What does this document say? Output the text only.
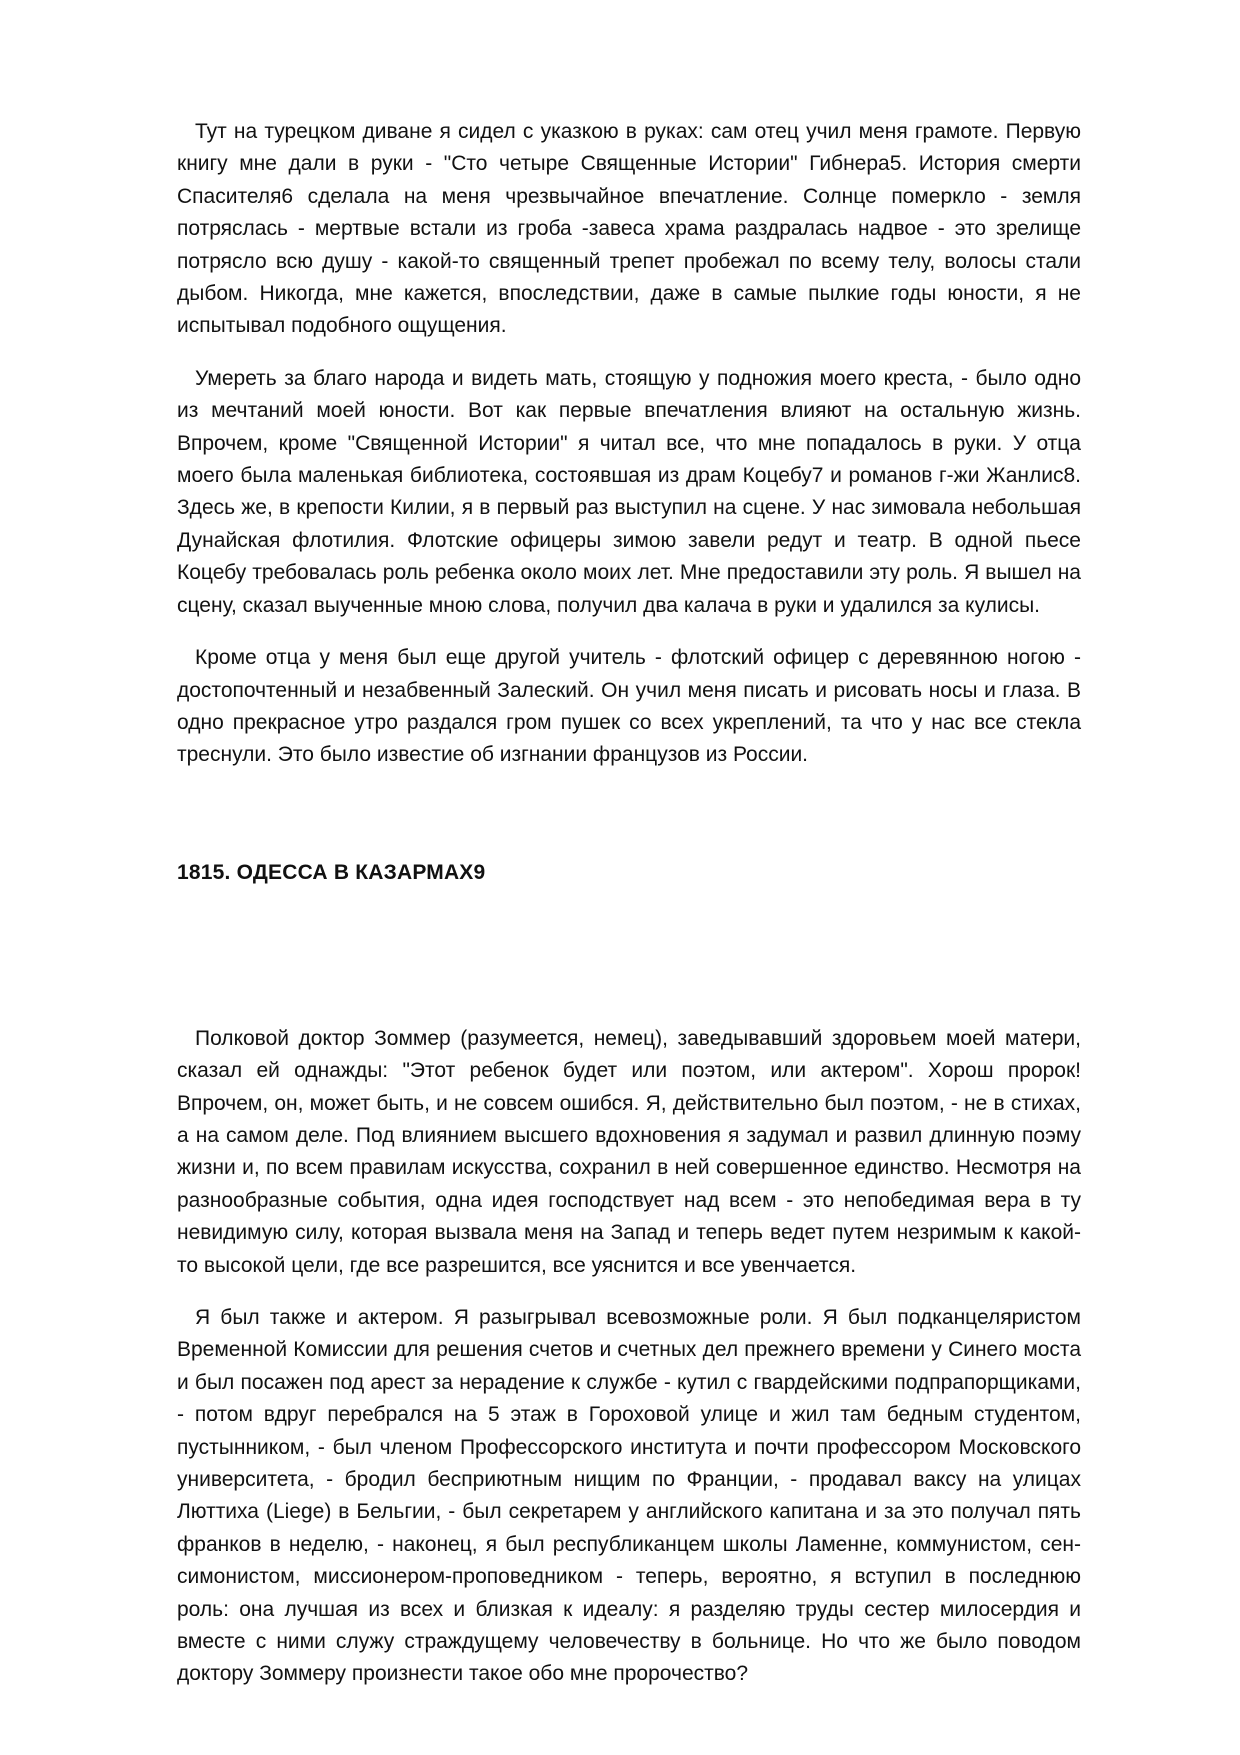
Тут на турецком диване я сидел с указкою в руках: сам отец учил меня грамоте. Первую книгу мне дали в руки - "Сто четыре Священные Истории" Гибнера5. История смерти Спасителя6 сделала на меня чрезвычайное впечатление. Солнце померкло - земля потряслась - мертвые встали из гроба -завеса храма раздралась надвое - это зрелище потрясло всю душу - какой-то священный трепет пробежал по всему телу, волосы стали дыбом. Никогда, мне кажется, впоследствии, даже в самые пылкие годы юности, я не испытывал подобного ощущения.

Умереть за благо народа и видеть мать, стоящую у подножия моего креста, - было одно из мечтаний моей юности. Вот как первые впечатления влияют на остальную жизнь. Впрочем, кроме "Священной Истории" я читал все, что мне попадалось в руки. У отца моего была маленькая библиотека, состоявшая из драм Коцебу7 и романов г-жи Жанлис8. Здесь же, в крепости Килии, я в первый раз выступил на сцене. У нас зимовала небольшая Дунайская флотилия. Флотские офицеры зимою завели редут и театр. В одной пьесе Коцебу требовалась роль ребенка около моих лет. Мне предоставили эту роль. Я вышел на сцену, сказал выученные мною слова, получил два калача в руки и удалился за кулисы.

Кроме отца у меня был еще другой учитель - флотский офицер с деревянною ногою - достопочтенный и незабвенный Залеский. Он учил меня писать и рисовать носы и глаза. В одно прекрасное утро раздался гром пушек со всех укреплений, та что у нас все стекла треснули. Это было известие об изгнании французов из России.

1815. ОДЕССА В КАЗАРМАХ9

Полковой доктор Зоммер (разумеется, немец), заведывавший здоровьем моей матери, сказал ей однажды: "Этот ребенок будет или поэтом, или актером". Хорош пророк! Впрочем, он, может быть, и не совсем ошибся. Я, действительно был поэтом, - не в стихах, а на самом деле. Под влиянием высшего вдохновения я задумал и развил длинную поэму жизни и, по всем правилам искусства, сохранил в ней совершенное единство. Несмотря на разнообразные события, одна идея господствует над всем - это непобедимая вера в ту невидимую силу, которая вызвала меня на Запад и теперь ведет путем незримым к какой-то высокой цели, где все разрешится, все уяснится и все увенчается.

Я был также и актером. Я разыгрывал всевозможные роли. Я был подканцеляристом Временной Комиссии для решения счетов и счетных дел прежнего времени у Синего моста и был посажен под арест за нерадение к службе - кутил с гвардейскими подпрапорщиками, - потом вдруг перебрался на 5 этаж в Гороховой улице и жил там бедным студентом, пустынником, - был членом Профессорского института и почти профессором Московского университета, - бродил бесприютным нищим по Франции, - продавал ваксу на улицах Люттиха (Liege) в Бельгии, - был секретарем у английского капитана и за это получал пять франков в неделю, - наконец, я был республиканцем школы Ламенне, коммунистом, сен-симонистом, миссионером-проповедником - теперь, вероятно, я вступил в последнюю роль: она лучшая из всех и близкая к идеалу: я разделяю труды сестер милосердия и вместе с ними служу страждущему человечеству в больнице. Но что же было поводом доктору Зоммеру произнести такое обо мне пророчество?
